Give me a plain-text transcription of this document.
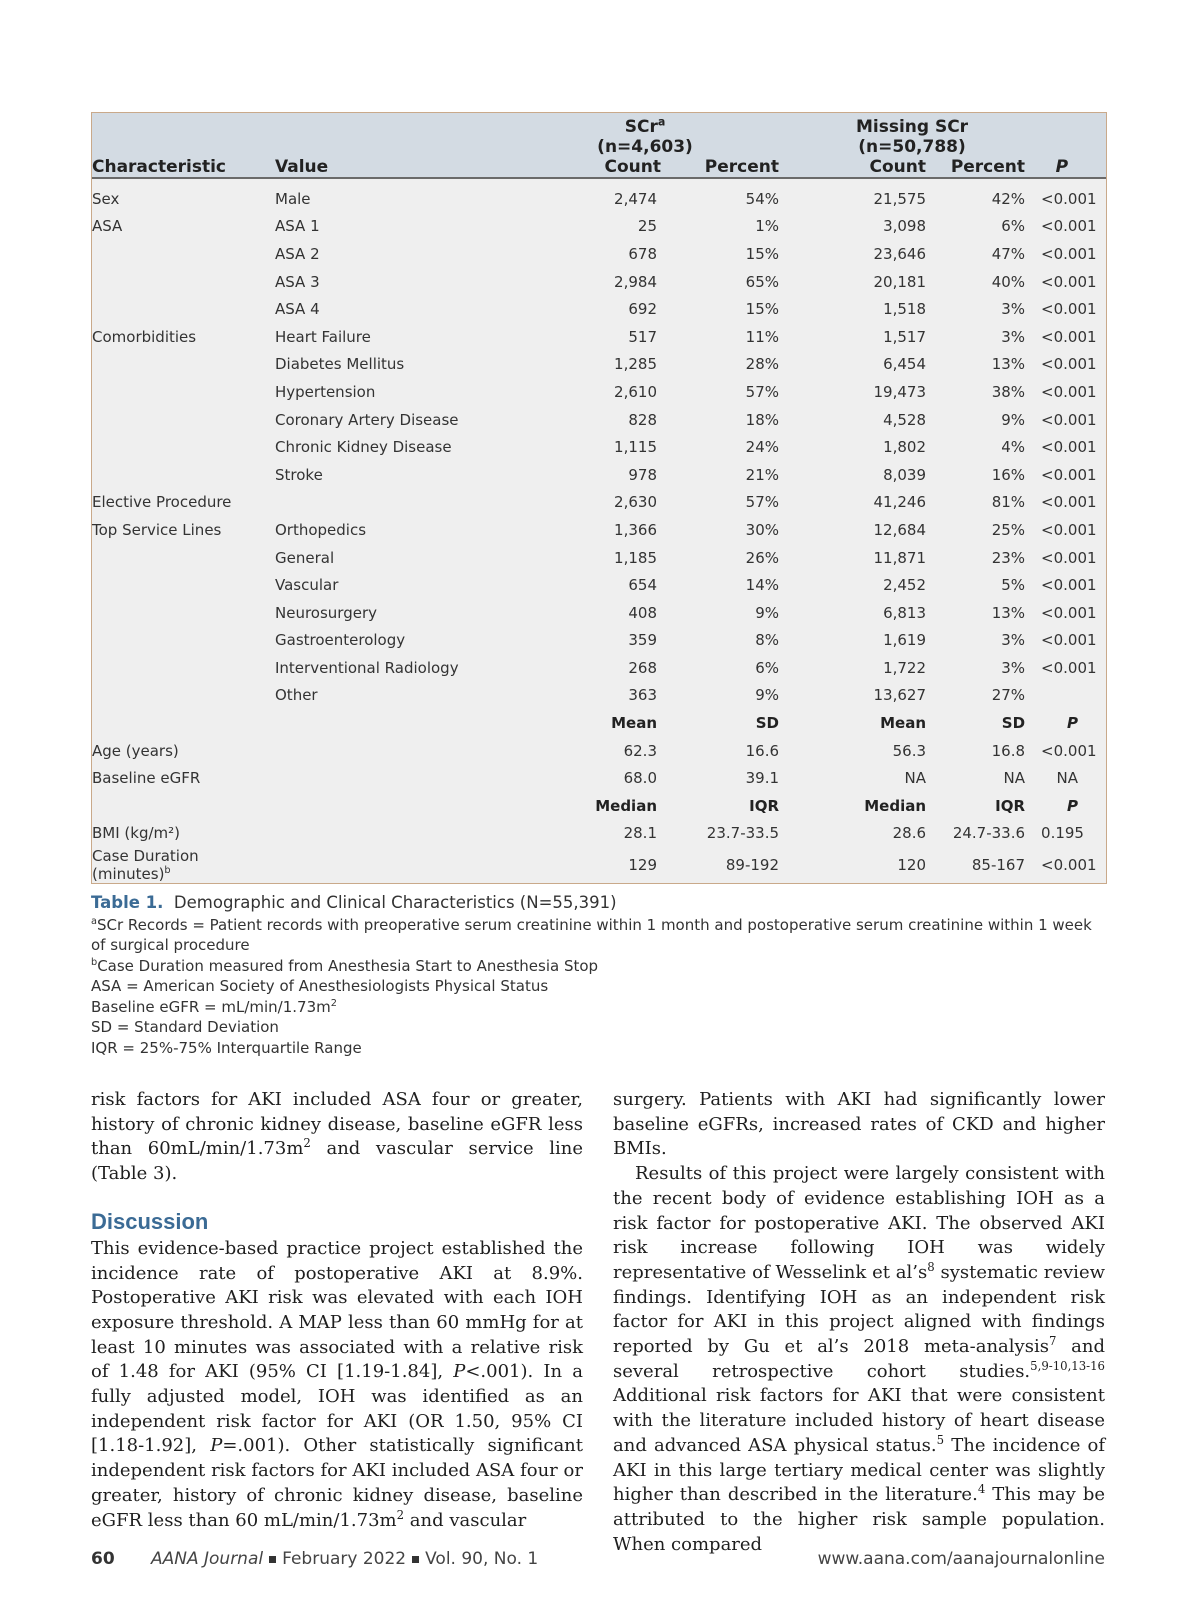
		SCr$^a$		Missing SCr		
		(n=4,603)		(n=50,788)		
Characteristic	Value	Count	Percent	Count	Percent	P
Sex	Male	2,474	54%	21,575	42%	<0.001
ASA	ASA 1	25	1%	3,098	6%	<0.001
	ASA 2	678	15%	23,646	47%	<0.001
	ASA 3	2,984	65%	20,181	40%	<0.001
	ASA 4	692	15%	1,518	3%	<0.001
Comorbidities	Heart Failure	517	11%	1,517	3%	<0.001
	Diabetes Mellitus	1,285	28%	6,454	13%	<0.001
	Hypertension	2,610	57%	19,473	38%	<0.001
	Coronary Artery Disease	828	18%	4,528	9%	<0.001
	Chronic Kidney Disease	1,115	24%	1,802	4%	<0.001
	Stroke	978	21%	8,039	16%	<0.001
Elective Procedure		2,630	57%	41,246	81%	<0.001
Top Service Lines	Orthopedics	1,366	30%	12,684	25%	<0.001
	General	1,185	26%	11,871	23%	<0.001
	Vascular	654	14%	2,452	5%	<0.001
	Neurosurgery	408	9%	6,813	13%	<0.001
	Gastroenterology	359	8%	1,619	3%	<0.001
	Interventional Radiology	268	6%	1,722	3%	<0.001
	Other	363	9%	13,627	27%	
		Mean	SD	Mean	SD	P
Age (years)		62.3	16.6	56.3	16.8	<0.001
Baseline eGFR		68.0	39.1	NA	NA	NA
		Median	IQR	Median	IQR	P
BMI (kg/m²)		28.1	23.7-33.5	28.6	24.7-33.6	0.195
Case Duration (minutes)$^b$		129	89-192	120	85-167	<0.001
Table 1. Demographic and Clinical Characteristics (N=55,391)

$^a$SCr Records = Patient records with preoperative serum creatinine within 1 month and postoperative serum creatinine within 1 week of surgical procedure

$^b$Case Duration measured from Anesthesia Start to Anesthesia Stop

ASA = American Society of Anesthesiologists Physical Status

Baseline eGFR = $mL/\min/1.73m^2$

SD = Standard Deviation

IQR = 25%-75% Interquartile Range

risk factors for AKI included ASA four or greater, history of chronic kidney disease, baseline eGFR less than $60mL/\min/1.73m^2$ and vascular service line (Table 3).

Discussion

This evidence-based practice project established the incidence rate of postoperative AKI at 8.9%. Postoperative AKI risk was elevated with each IOH exposure threshold. A MAP less than 60 mmHg for at least 10 minutes was associated with a relative risk of 1.48 for AKI (95% CI [1.19-1.84], P<.001). In a fully adjusted model, IOH was identified as an independent risk factor for AKI (OR 1.50, 95% CI [1.18-1.92], P=.001). Other statistically significant independent risk factors for AKI included ASA four or greater, history of chronic kidney disease, baseline eGFR less than 60 $mL/\min/1.73m^2$ and vascular

surgery. Patients with AKI had significantly lower baseline eGFRs, increased rates of CKD and higher BMIs.

Results of this project were largely consistent with the recent body of evidence establishing IOH as a risk factor for postoperative AKI. The observed AKI risk increase following IOH was widely representative of Wesselink et $al’s^8$ systematic review findings. Identifying IOH as an independent risk factor for AKI in this project aligned with findings reported by Gu et al’s 2018 meta-analysis$^7$ and several retrospective cohort studies.$^{5,9-10,13-16}$ Additional risk factors for AKI that were consistent with the literature included history of heart disease and advanced ASA physical status.$^5$ The incidence of AKI in this large tertiary medical center was slightly higher than described in the literature.$^4$ This may be attributed to the higher risk sample population. When compared

60 AANA Journal February 2022 Vol. 90, No. 1	www.aana.com/aanajournalonline
